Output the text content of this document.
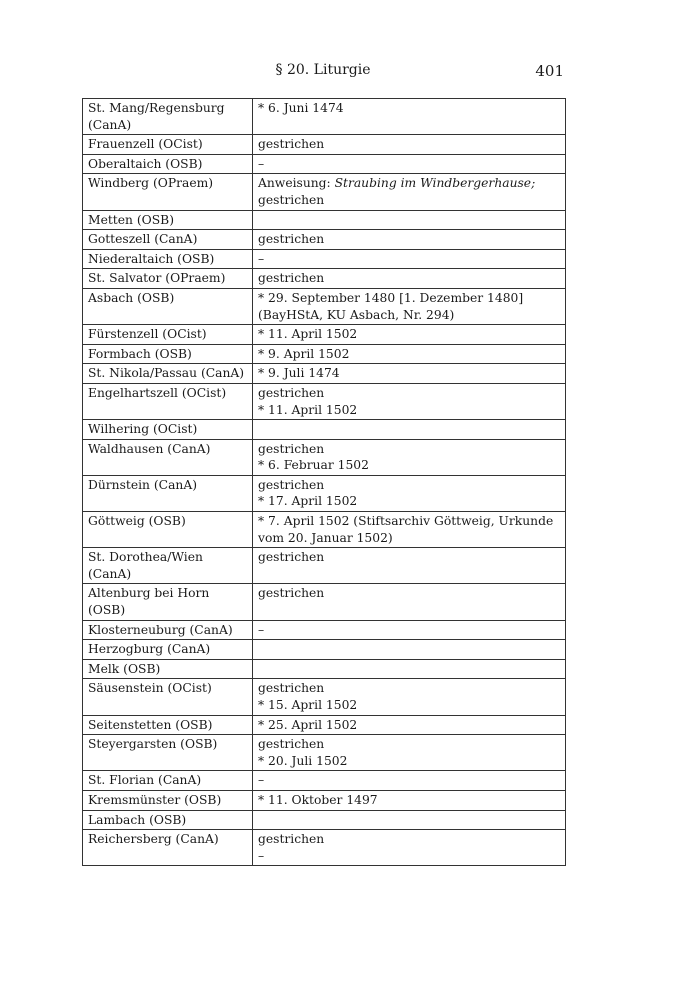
§ 20. Liturgie	401
St. Mang/Regensburg (CanA)	* 6. Juni 1474

Frauenzell (OCist)	gestrichen

Oberaltaich (OSB)	–

Windberg (OPraem)	Anweisung: Straubing im Windbergerhause;
gestrichen

Metten (OSB)	
Gotteszell (CanA)	gestrichen

Niederaltaich (OSB)	–

St. Salvator (OPraem)	gestrichen

Asbach (OSB)	* 29. September 1480 [1. Dezember 1480] (BayHStA, KU Asbach, Nr. 294)

Fürstenzell (OCist)	* 11. April 1502

Formbach (OSB)	* 9. April 1502

St. Nikola/Passau (CanA)	* 9. Juli 1474

Engelhartszell (OCist)	gestrichen
* 11. April 1502

Wilhering (OCist)	
Waldhausen (CanA)	gestrichen
* 6. Februar 1502

Dürnstein (CanA)	gestrichen
* 17. April 1502

Göttweig (OSB)	* 7. April 1502 (Stiftsarchiv Göttweig, Urkunde vom 20. Januar 1502)

St. Dorothea/Wien (CanA)	gestrichen

Altenburg bei Horn (OSB)	gestrichen

Klosterneuburg (CanA)	–

Herzogburg (CanA)	
Melk (OSB)	
Säusenstein (OCist)	gestrichen
* 15. April 1502

Seitenstetten (OSB)	* 25. April 1502

Steyergarsten (OSB)	gestrichen
* 20. Juli 1502

St. Florian (CanA)	–

Kremsmünster (OSB)	* 11. Oktober 1497

Lambach (OSB)	
Reichersberg (CanA)	gestrichen
–
